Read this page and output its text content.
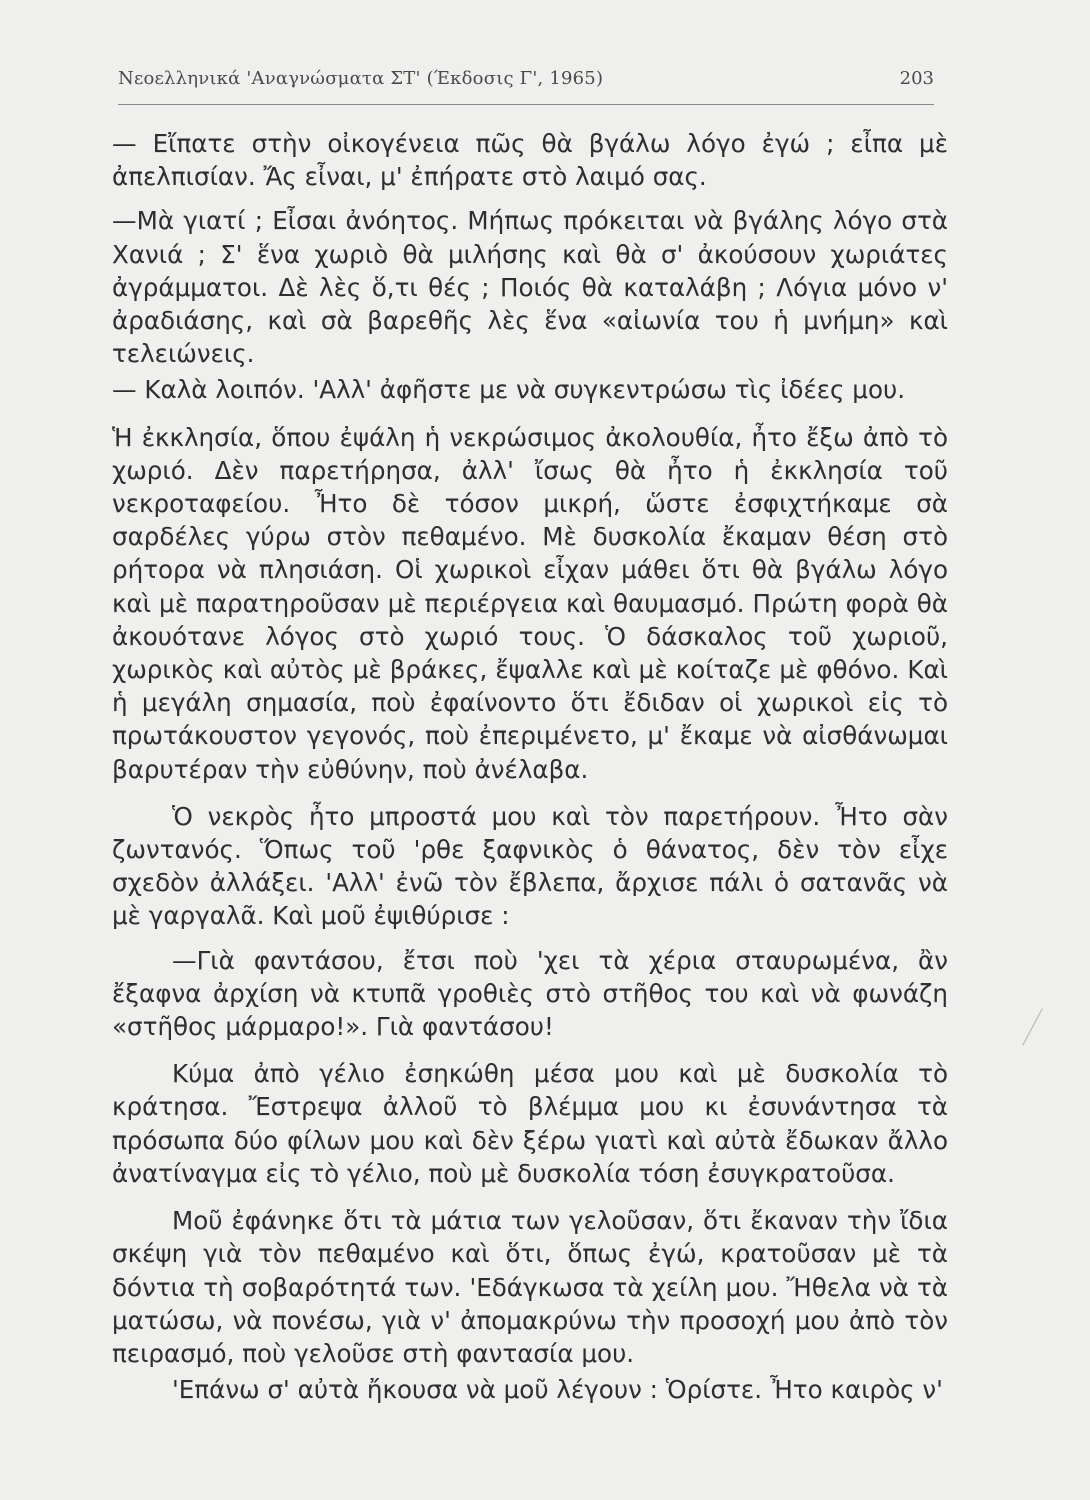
Νεοελληνικά 'Αναγνώσματα ΣΤ' (Έκδοσις Γ', 1965)	203

— Εἴπατε στὴν οἰκογένεια πῶς θὰ βγάλω λόγο ἐγώ ; εἶπα μὲ ἀπελπισίαν. Ἄς εἶναι, μ' ἐπήρατε στὸ λαιμό σας.

—Μὰ γιατί ; Εἶσαι ἀνόητος. Μήπως πρόκειται νὰ βγάλης λόγο στὰ Χανιά ; Σ' ἕνα χωριὸ θὰ μιλήσης καὶ θὰ σ' ἀκούσουν χωριάτες ἀγράμματοι. Δὲ λὲς ὅ,τι θές ; Ποιός θὰ καταλάβη ; Λόγια μόνο ν' ἀραδιάσης, καὶ σὰ βαρεθῆς λὲς ἕνα «αἰωνία του ἡ μνήμη» καὶ τελειώνεις.

— Καλὰ λοιπόν. 'Αλλ' ἀφῆστε με νὰ συγκεντρώσω τὶς ἰδέες μου.

Ἡ ἐκκλησία, ὅπου ἐψάλη ἡ νεκρώσιμος ἀκολουθία, ἦτο ἔξω ἀπὸ τὸ χωριό. Δὲν παρετήρησα, ἀλλ' ἴσως θὰ ἦτο ἡ ἐκκλησία τοῦ νεκροταφείου. Ἦτο δὲ τόσον μικρή, ὥστε ἐσφιχτήκαμε σὰ σαρδέλες γύρω στὸν πεθαμένο. Μὲ δυσκολία ἔκαμαν θέση στὸ ρήτορα νὰ πλησιάση. Οἱ χωρικοὶ εἶχαν μάθει ὅτι θὰ βγάλω λόγο καὶ μὲ παρατηροῦσαν μὲ περιέργεια καὶ θαυμασμό. Πρώτη φορὰ θὰ ἀκουότανε λόγος στὸ χωριό τους. Ὁ δάσκαλος τοῦ χωριοῦ, χωρικὸς καὶ αὐτὸς μὲ βράκες, ἔψαλλε καὶ μὲ κοίταζε μὲ φθόνο. Καὶ ἡ μεγάλη σημασία, ποὺ ἐφαίνοντο ὅτι ἔδιδαν οἱ χωρικοὶ εἰς τὸ πρωτάκουστον γεγονός, ποὺ ἐπεριμένετο, μ' ἔκαμε νὰ αἰσθάνωμαι βαρυτέραν τὴν εὐθύνην, ποὺ ἀνέλαβα.

Ὁ νεκρὸς ἦτο μπροστά μου καὶ τὸν παρετήρουν. Ἦτο σὰν ζωντανός. Ὅπως τοῦ 'ρθε ξαφνικὸς ὁ θάνατος, δὲν τὸν εἶχε σχεδὸν ἀλλάξει. 'Αλλ' ἐνῶ τὸν ἔβλεπα, ἄρχισε πάλι ὁ σατανᾶς νὰ μὲ γαργαλᾶ. Καὶ μοῦ ἐψιθύρισε :

—Γιὰ φαντάσου, ἔτσι ποὺ 'χει τὰ χέρια σταυρωμένα, ἂν ἔξαφνα ἀρχίση νὰ κτυπᾶ γροθιὲς στὸ στῆθος του καὶ νὰ φωνάζη «στῆθος μάρμαρο!». Γιὰ φαντάσου!

Κύμα ἀπὸ γέλιο ἐσηκώθη μέσα μου καὶ μὲ δυσκολία τὸ κράτησα. Ἔστρεψα ἀλλοῦ τὸ βλέμμα μου κι ἐσυνάντησα τὰ πρόσωπα δύο φίλων μου καὶ δὲν ξέρω γιατὶ καὶ αὐτὰ ἔδωκαν ἄλλο ἀνατίναγμα εἰς τὸ γέλιο, ποὺ μὲ δυσκολία τόση ἐσυγκρατοῦσα.

Μοῦ ἐφάνηκε ὅτι τὰ μάτια των γελοῦσαν, ὅτι ἔκαναν τὴν ἴδια σκέψη γιὰ τὸν πεθαμένο καὶ ὅτι, ὅπως ἐγώ, κρατοῦσαν μὲ τὰ δόντια τὴ σοβαρότητά των. 'Εδάγκωσα τὰ χείλη μου. Ἤθελα νὰ τὰ ματώσω, νὰ πονέσω, γιὰ ν' ἀπομακρύνω τὴν προσοχή μου ἀπὸ τὸν πειρασμό, ποὺ γελοῦσε στὴ φαντασία μου.

'Επάνω σ' αὐτὰ ἤκουσα νὰ μοῦ λέγουν : Ὁρίστε. Ἦτο καιρὸς ν'
